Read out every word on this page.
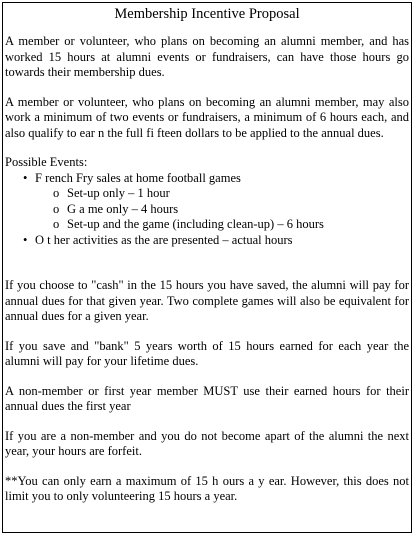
Membership Incentive Proposal

A member or volunteer, who plans on becoming an alumni member, and has worked 15 hours at alumni events or fundraisers, can have those hours go towards their membership dues.

A member or volunteer, who plans on becoming an alumni member, may also work a minimum of two events or fundraisers, a minimum of 6 hours each, and also qualify to ear n the full fi fteen dollars to be applied to the annual dues.

Possible Events:
• F rench Fry sales at home football games
o Set-up only – 1 hour
o G a me only – 4 hours
o Set-up and the game (including clean-up) – 6 hours
• O t her activities as the are presented – actual hours

If you choose to "cash" in the 15 hours you have saved, the alumni will pay for annual dues for that given year. Two complete games will also be equivalent for annual dues for a given year.

If you save and "bank" 5 years worth of 15 hours earned for each year the alumni will pay for your lifetime dues.

A non-member or first year member MUST use their earned hours for their annual dues the first year

If you are a non-member and you do not become apart of the alumni the next year, your hours are forfeit.

**You can only earn a maximum of 15 h ours a y ear. However, this does not limit you to only volunteering 15 hours a year.
